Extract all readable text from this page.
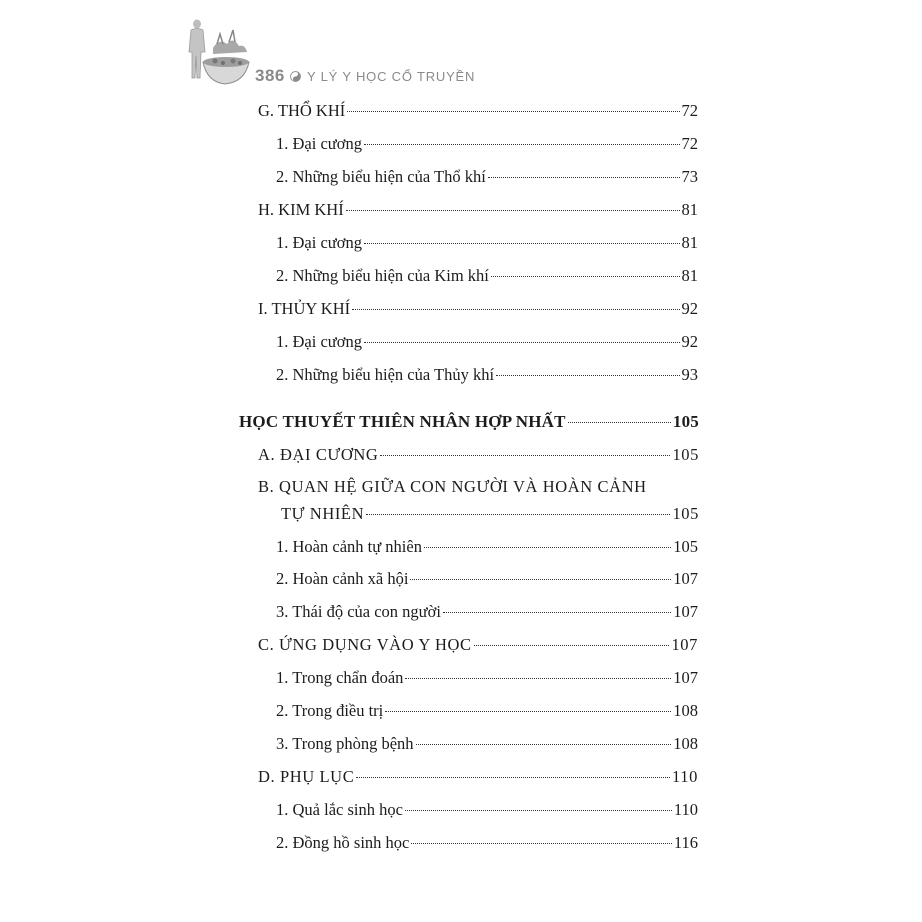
386 Y LÝ Y HỌC CỔ TRUYỀN
G. THỔ KHÍ	72
1. Đại cương	72
2. Những biểu hiện của Thổ khí	73
H. KIM KHÍ	81
1. Đại cương	81
2. Những biểu hiện của Kim khí	81
I. THỦY KHÍ	92
1. Đại cương	92
2. Những biểu hiện của Thủy khí	93
HỌC THUYẾT THIÊN NHÂN HỢP NHẤT	105
A. ĐẠI CƯƠNG	105
B. QUAN HỆ GIỮA CON NGƯỜI VÀ HOÀN CẢNH
TỰ NHIÊN	105
1. Hoàn cảnh tự nhiên	105
2. Hoàn cảnh xã hội	107
3. Thái độ của con người	107
C. ỨNG DỤNG VÀO Y HỌC	107
1. Trong chẩn đoán	107
2. Trong điều trị	108
3. Trong phòng bệnh	108
D. PHỤ LỤC	110
1. Quả lắc sinh học	110
2. Đồng hồ sinh học	116
